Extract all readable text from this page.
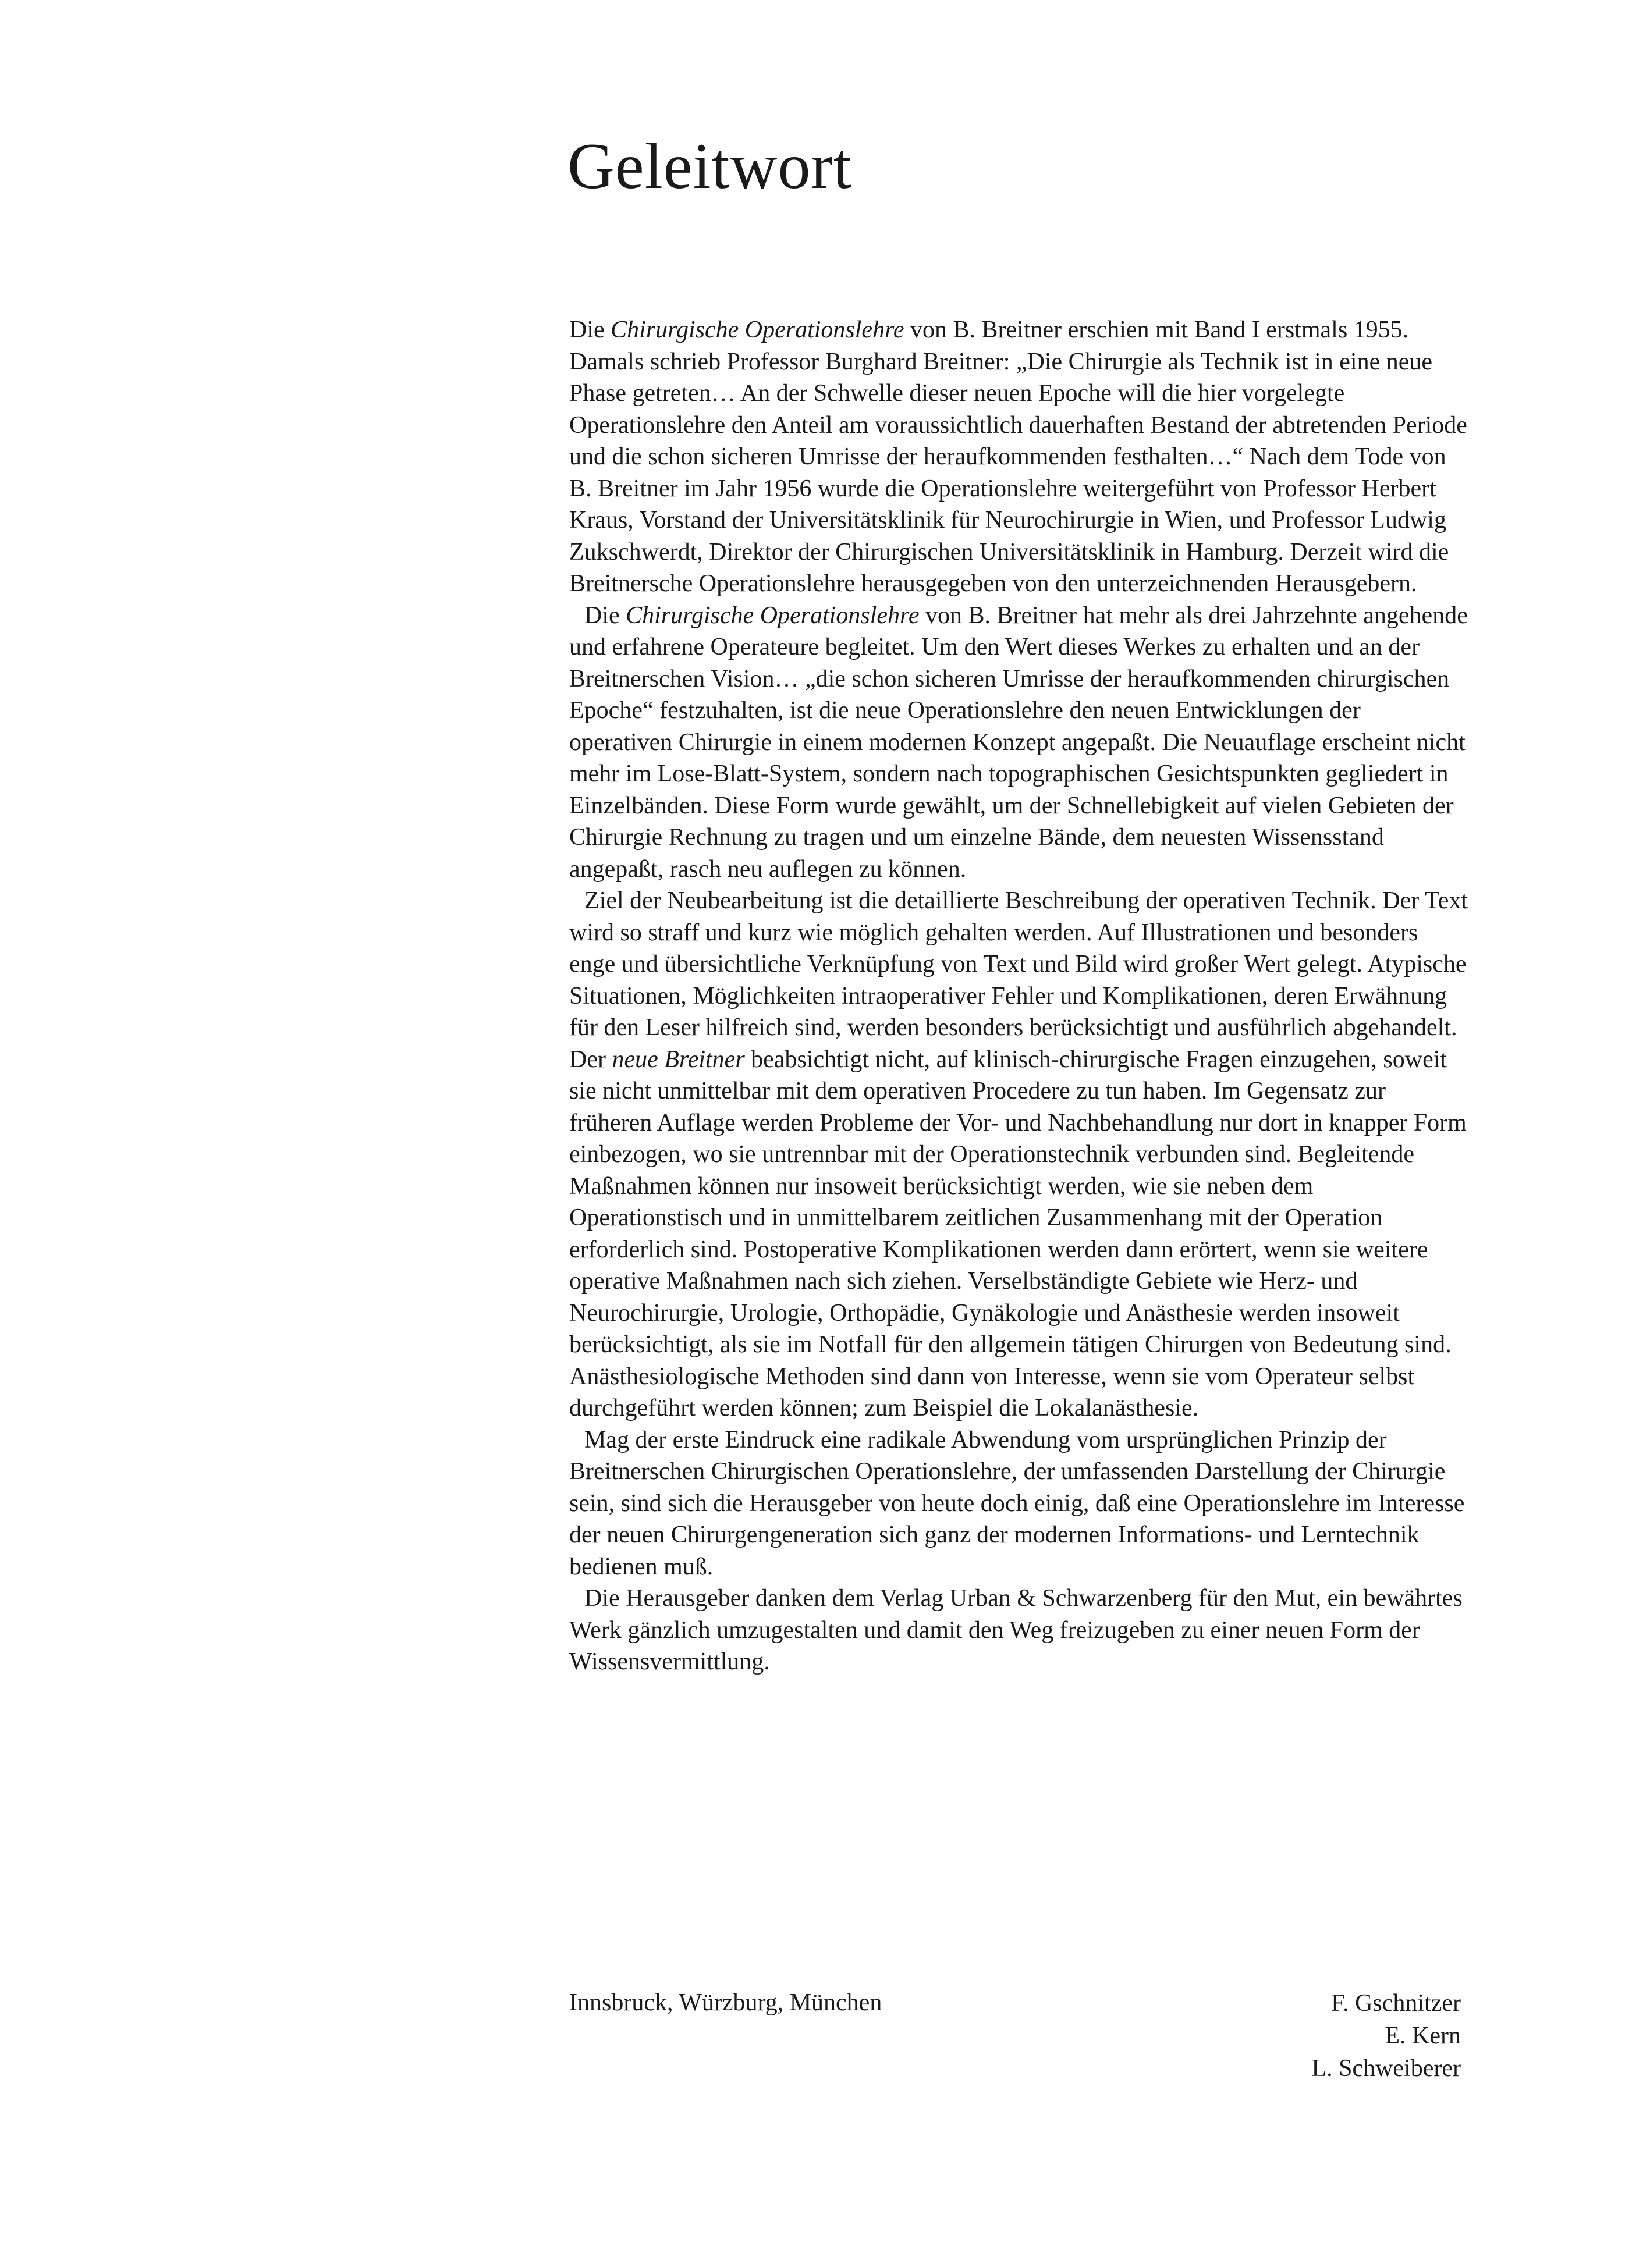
Geleitwort

Die Chirurgische Operationslehre von B. Breitner erschien mit Band I erstmals 1955. Damals schrieb Professor Burghard Breitner: „Die Chirurgie als Technik ist in eine neue Phase getreten… An der Schwelle dieser neuen Epoche will die hier vorgelegte Operationslehre den Anteil am voraussichtlich dauerhaften Bestand der abtretenden Periode und die schon sicheren Umrisse der heraufkommenden festhalten…“ Nach dem Tode von B. Breitner im Jahr 1956 wurde die Operationslehre weitergeführt von Professor Herbert Kraus, Vorstand der Universitätsklinik für Neurochirurgie in Wien, und Professor Ludwig Zukschwerdt, Direktor der Chirurgischen Universitätsklinik in Hamburg. Derzeit wird die Breitnersche Operationslehre herausgegeben von den unterzeichnenden Herausgebern.

Die Chirurgische Operationslehre von B. Breitner hat mehr als drei Jahrzehnte angehende und erfahrene Operateure begleitet. Um den Wert dieses Werkes zu erhalten und an der Breitnerschen Vision… „die schon sicheren Umrisse der heraufkommenden chirurgischen Epoche“ festzuhalten, ist die neue Operationslehre den neuen Entwicklungen der operativen Chirurgie in einem modernen Konzept angepaßt. Die Neuauflage erscheint nicht mehr im Lose-Blatt-System, sondern nach topographischen Gesichtspunkten gegliedert in Einzelbänden. Diese Form wurde gewählt, um der Schnellebigkeit auf vielen Gebieten der Chirurgie Rechnung zu tragen und um einzelne Bände, dem neuesten Wissensstand angepaßt, rasch neu auflegen zu können.

Ziel der Neubearbeitung ist die detaillierte Beschreibung der operativen Technik. Der Text wird so straff und kurz wie möglich gehalten werden. Auf Illustrationen und besonders enge und übersichtliche Verknüpfung von Text und Bild wird großer Wert gelegt. Atypische Situationen, Möglichkeiten intraoperativer Fehler und Komplikationen, deren Erwähnung für den Leser hilfreich sind, werden besonders berücksichtigt und ausführlich abgehandelt. Der neue Breitner beabsichtigt nicht, auf klinisch-chirurgische Fragen einzugehen, soweit sie nicht unmittelbar mit dem operativen Procedere zu tun haben. Im Gegensatz zur früheren Auflage werden Probleme der Vor- und Nachbehandlung nur dort in knapper Form einbezogen, wo sie untrennbar mit der Operationstechnik verbunden sind. Begleitende Maßnahmen können nur insoweit berücksichtigt werden, wie sie neben dem Operationstisch und in unmittelbarem zeitlichen Zusammenhang mit der Operation erforderlich sind. Postoperative Komplikationen werden dann erörtert, wenn sie weitere operative Maßnahmen nach sich ziehen. Verselbständigte Gebiete wie Herz- und Neurochirurgie, Urologie, Orthopädie, Gynäkologie und Anästhesie werden insoweit berücksichtigt, als sie im Notfall für den allgemein tätigen Chirurgen von Bedeutung sind. Anästhesiologische Methoden sind dann von Interesse, wenn sie vom Operateur selbst durchgeführt werden können; zum Beispiel die Lokalanästhesie.

Mag der erste Eindruck eine radikale Abwendung vom ursprünglichen Prinzip der Breitnerschen Chirurgischen Operationslehre, der umfassenden Darstellung der Chirurgie sein, sind sich die Herausgeber von heute doch einig, daß eine Operationslehre im Interesse der neuen Chirurgengeneration sich ganz der modernen Informations- und Lerntechnik bedienen muß.

Die Herausgeber danken dem Verlag Urban & Schwarzenberg für den Mut, ein bewährtes Werk gänzlich umzugestalten und damit den Weg freizugeben zu einer neuen Form der Wissensvermittlung.

Innsbruck, Würzburg, München	F. Gschnitzer
E. Kern
L. Schweiberer
